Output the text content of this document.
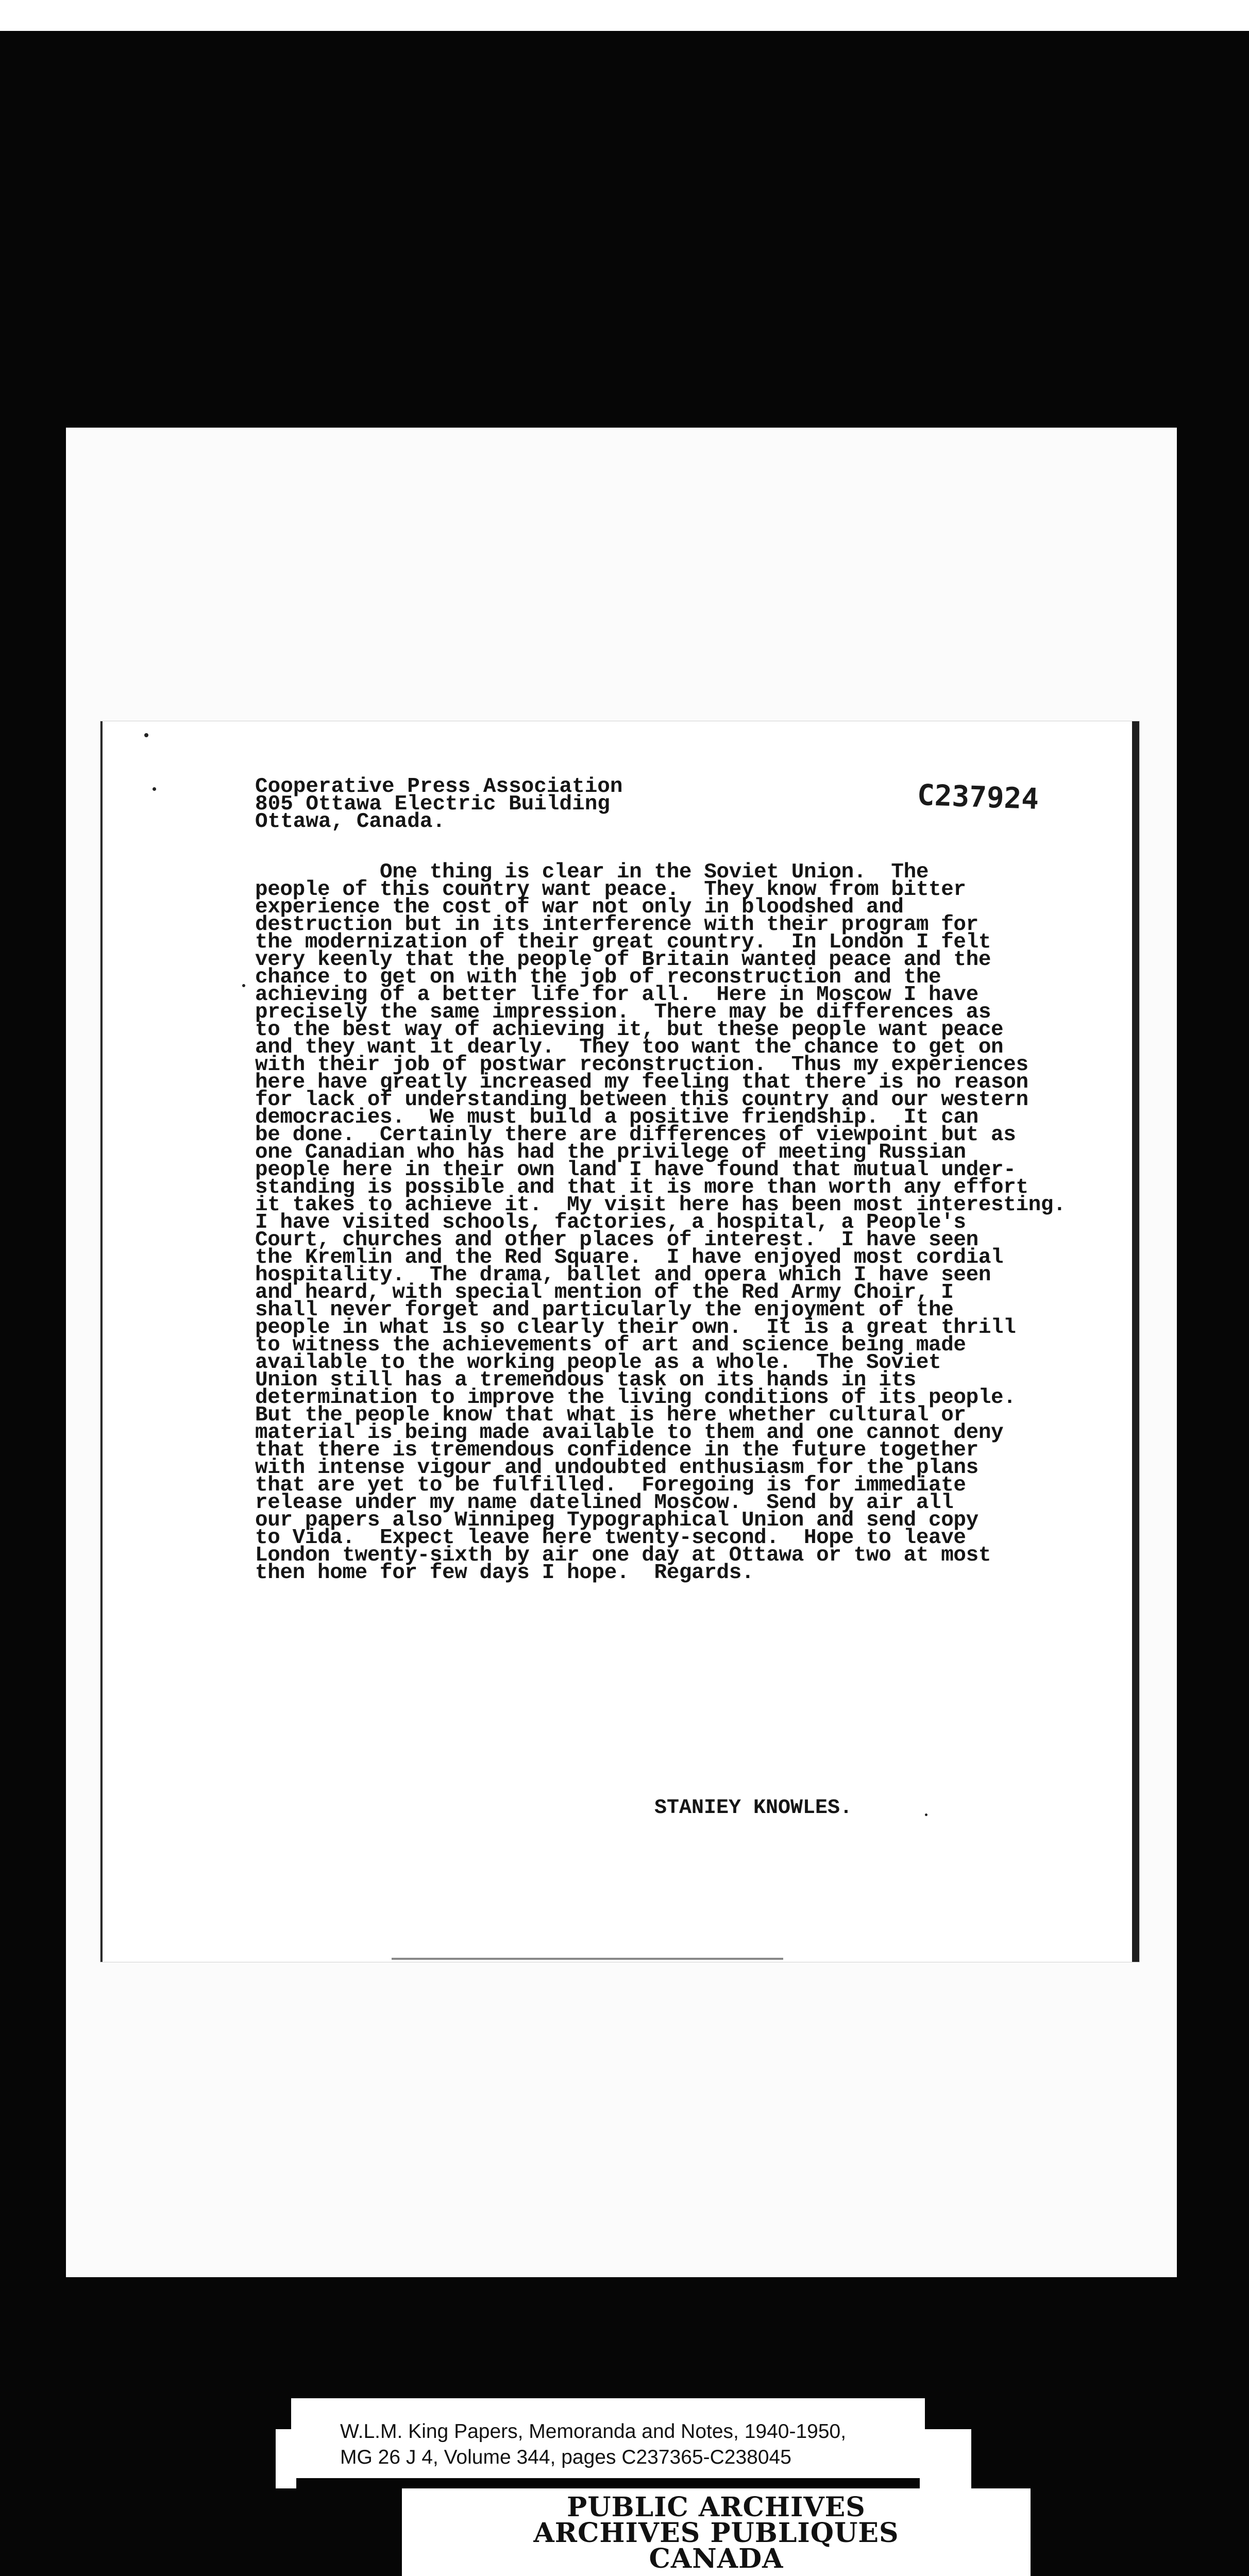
Cooperative Press Association
805 Ottawa Electric Building
Ottawa, Canada.
One thing is clear in the Soviet Union.  The
people of this country want peace.  They know from bitter
experience the cost of war not only in bloodshed and
destruction but in its interference with their program for
the modernization of their great country.  In London I felt
very keenly that the people of Britain wanted peace and the
chance to get on with the job of reconstruction and the
achieving of a better life for all.  Here in Moscow I have
precisely the same impression.  There may be differences as
to the best way of achieving it, but these people want peace
and they want it dearly.  They too want the chance to get on
with their job of postwar reconstruction.  Thus my experiences
here have greatly increased my feeling that there is no reason
for lack of understanding between this country and our western
democracies.  We must build a positive friendship.  It can
be done.  Certainly there are differences of viewpoint but as
one Canadian who has had the privilege of meeting Russian
people here in their own land I have found that mutual under-
standing is possible and that it is more than worth any effort
it takes to achieve it.  My visit here has been most interesting.
I have visited schools, factories, a hospital, a People's
Court, churches and other places of interest.  I have seen
the Kremlin and the Red Square.  I have enjoyed most cordial
hospitality.  The drama, ballet and opera which I have seen
and heard, with special mention of the Red Army Choir, I
shall never forget and particularly the enjoyment of the
people in what is so clearly their own.  It is a great thrill
to witness the achievements of art and science being made
available to the working people as a whole.  The Soviet
Union still has a tremendous task on its hands in its
determination to improve the living conditions of its people.
But the people know that what is here whether cultural or
material is being made available to them and one cannot deny
that there is tremendous confidence in the future together
with intense vigour and undoubted enthusiasm for the plans
that are yet to be fulfilled.  Foregoing is for immediate
release under my name datelined Moscow.  Send by air all
our papers also Winnipeg Typographical Union and send copy
to Vida.  Expect leave here twenty-second.  Hope to leave
London twenty-sixth by air one day at Ottawa or two at most
then home for few days I hope.  Regards.
C237924
STANIEY KNOWLES.
W.L.M. King Papers, Memoranda and Notes, 1940-1950,
MG 26 J 4, Volume 344, pages C237365-C238045
PUBLIC ARCHIVES
ARCHIVES PUBLIQUES
CANADA
